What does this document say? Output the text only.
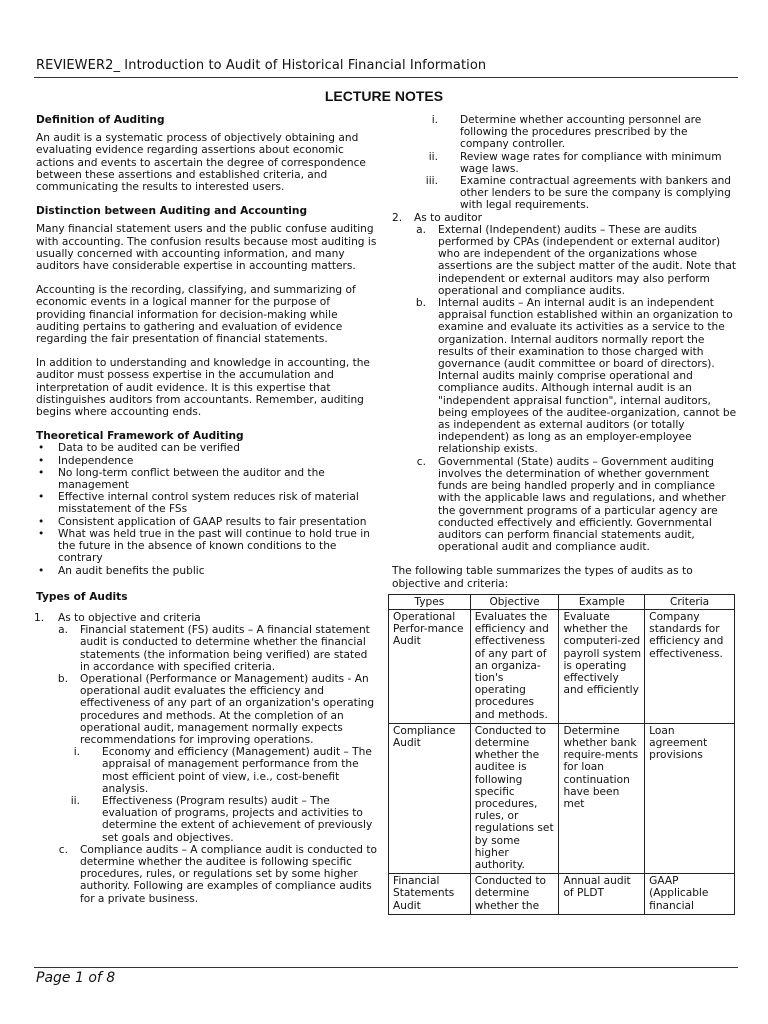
REVIEWER2_ Introduction to Audit of Historical Financial Information
LECTURE NOTES
Definition of Auditing

An audit is a systematic process of objectively obtaining and evaluating evidence regarding assertions about economic actions and events to ascertain the degree of correspondence between these assertions and established criteria, and communicating the results to interested users.

Distinction between Auditing and Accounting

Many financial statement users and the public confuse auditing with accounting. The confusion results because most auditing is usually concerned with accounting information, and many auditors have considerable expertise in accounting matters.

Accounting is the recording, classifying, and summarizing of economic events in a logical manner for the purpose of providing financial information for decision-making while auditing pertains to gathering and evaluation of evidence regarding the fair presentation of financial statements.

In addition to understanding and knowledge in accounting, the auditor must possess expertise in the accumulation and interpretation of audit evidence. It is this expertise that distinguishes auditors from accountants. Remember, auditing begins where accounting ends.

Theoretical Framework of Auditing
• Data to be audited can be verified
• Independence
• No long-term conflict between the auditor and the management
• Effective internal control system reduces risk of material misstatement of the FSs
• Consistent application of GAAP results to fair presentation
• What was held true in the past will continue to hold true in the future in the absence of known conditions to the contrary
• An audit benefits the public
Types of Audits
1. As to objective and criteria
a. Financial statement (FS) audits – A financial statement audit is conducted to determine whether the financial statements (the information being verified) are stated in accordance with specified criteria.
b. Operational (Performance or Management) audits - An operational audit evaluates the efficiency and effectiveness of any part of an organization's operating procedures and methods. At the completion of an operational audit, management normally expects recommendations for improving operations.
i. Economy and efficiency (Management) audit – The appraisal of management performance from the most efficient point of view, i.e., cost-benefit analysis.
ii. Effectiveness (Program results) audit – The evaluation of programs, projects and activities to determine the extent of achievement of previously set goals and objectives.
c. Compliance audits – A compliance audit is conducted to determine whether the auditee is following specific procedures, rules, or regulations set by some higher authority. Following are examples of compliance audits for a private business.
i. Determine whether accounting personnel are following the procedures prescribed by the company controller.
ii. Review wage rates for compliance with minimum wage laws.
iii. Examine contractual agreements with bankers and other lenders to be sure the company is complying with legal requirements.
2. As to auditor
a. External (Independent) audits – These are audits performed by CPAs (independent or external auditor) who are independent of the organizations whose assertions are the subject matter of the audit. Note that independent or external auditors may also perform operational and compliance audits.
b. Internal audits – An internal audit is an independent appraisal function established within an organization to examine and evaluate its activities as a service to the organization. Internal auditors normally report the results of their examination to those charged with governance (audit committee or board of directors). Internal audits mainly comprise operational and compliance audits. Although internal audit is an "independent appraisal function", internal auditors, being employees of the auditee-organization, cannot be as independent as external auditors (or totally independent) as long as an employer-employee relationship exists.
c. Governmental (State) audits – Government auditing involves the determination of whether government funds are being handled properly and in compliance with the applicable laws and regulations, and whether the government programs of a particular agency are conducted effectively and efficiently. Governmental auditors can perform financial statements audit, operational audit and compliance audit.
The following table summarizes the types of audits as to objective and criteria:
Types	Objective	Example	Criteria
Operational Perfor-mance Audit	Evaluates the efficiency and effectiveness of any part of an organiza-tion's operating procedures and methods.	Evaluate whether the computeri-zed payroll system is operating effectively and efficiently	Company standards for efficiency and effectiveness.
Compliance Audit	Conducted to determine whether the auditee is following specific procedures, rules, or regulations set by some higher authority.	Determine whether bank require-ments for loan continuation have been met	Loan agreement provisions
Financial Statements Audit	Conducted to determine whether the	Annual audit of PLDT	GAAP (Applicable financial
Page 1 of 8
